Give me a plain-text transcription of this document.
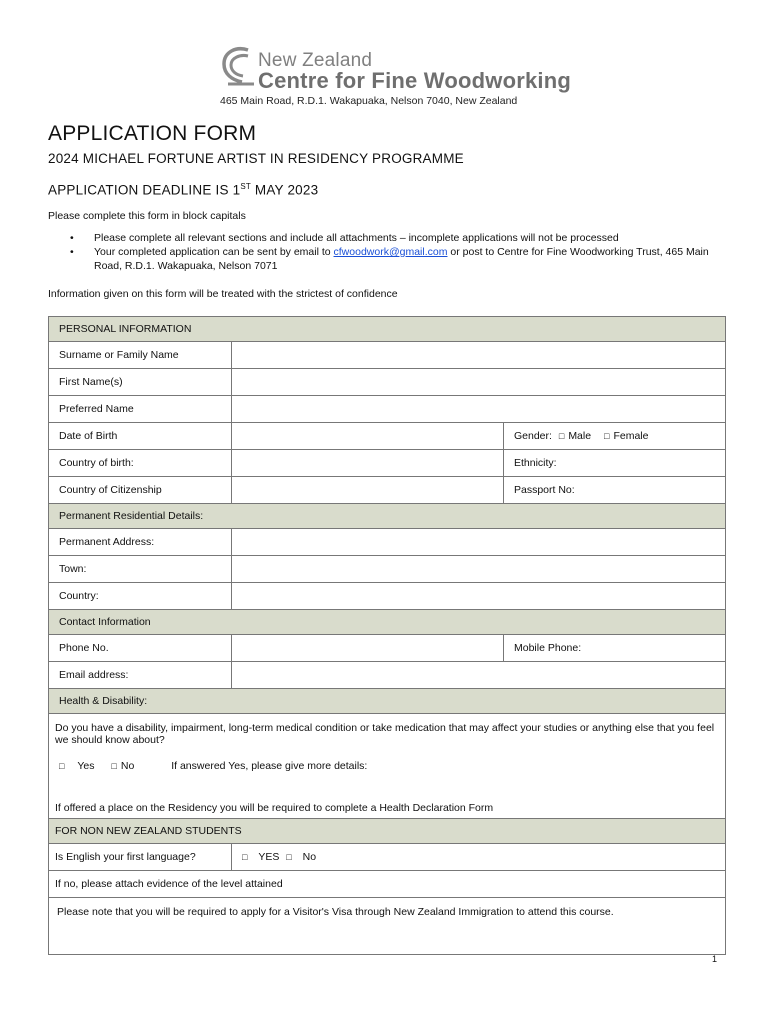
New Zealand
Centre for Fine Woodworking
465 Main Road, R.D.1. Wakapuaka, Nelson 7040, New Zealand
APPLICATION FORM
2024 MICHAEL FORTUNE ARTIST IN RESIDENCY PROGRAMME
APPLICATION DEADLINE IS 1ST MAY 2023
Please complete this form in block capitals
• Please complete all relevant sections and include all attachments – incomplete applications will not be processed
• Your completed application can be sent by email to cfwoodwork@gmail.com or post to Centre for Fine Woodworking Trust, 465 Main Road, R.D.1. Wakapuaka, Nelson 7071
Information given on this form will be treated with the strictest of confidence
PERSONAL INFORMATION		
Surname or Family Name		
First Name(s)		
Preferred Name		
Date of Birth		Gender: □ Male □ Female
Country of birth:		Ethnicity:
Country of Citizenship		Passport No:
Permanent Residential Details:		
Permanent Address:		
Town:		
Country:		
Contact Information		
Phone No.		Mobile Phone:
Email address:		
Health & Disability:		

Do you have a disability, impairment, long-term medical condition or take medication that may affect your studies or anything else that you feel we should know about?

□ Yes □ No If answered Yes, please give more details:

If offered a place on the Residency you will be required to complete a Health Declaration Form		

FOR NON NEW ZEALAND STUDENTS		
Is English your first language?	□ YES □ No	
If no, please attach evidence of the level attained		
Please note that you will be required to apply for a Visitor's Visa through New Zealand Immigration to attend this course.		
1
